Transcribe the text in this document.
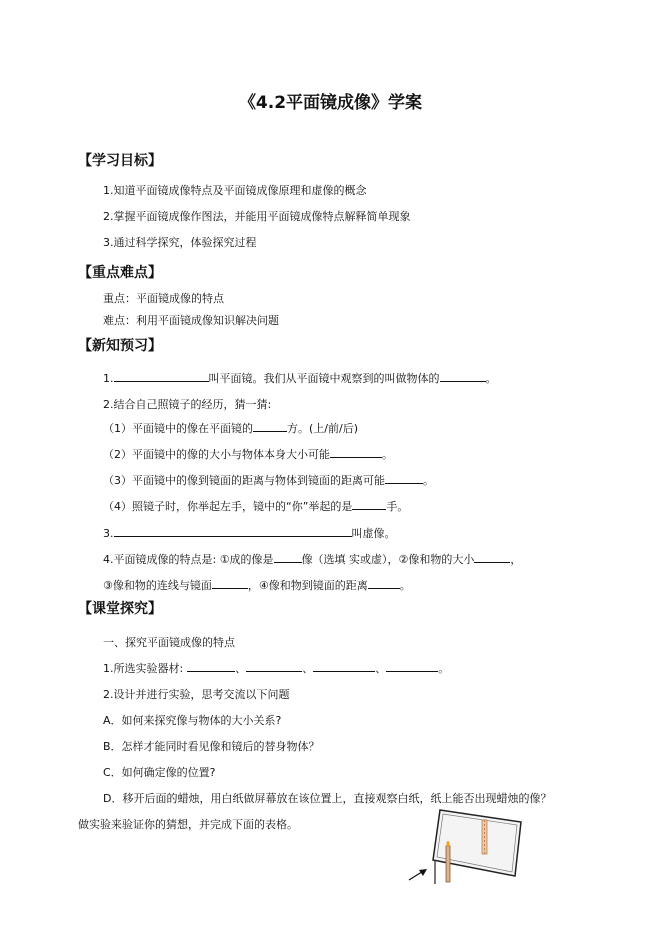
《4.2平面镜成像》学案
【学习目标】
1.知道平面镜成像特点及平面镜成像原理和虚像的概念
2.掌握平面镜成像作图法，并能用平面镜成像特点解释简单现象
3.通过科学探究，体验探究过程
【重点难点】
重点：平面镜成像的特点
难点：利用平面镜成像知识解决问题
【新知预习】
1.	叫平面镜。我们从平面镜中观察到的叫做物体的	。
2.结合自己照镜子的经历，猜一猜:
（1）平面镜中的像在平面镜的	方。(上/前/后)
（2）平面镜中的像的大小与物体本身大小可能	。
（3）平面镜中的像到镜面的距离与物体到镜面的距离可能	。
（4）照镜子时，你举起左手，镜中的“你”举起的是	手。
3.	叫虚像。
4.平面镜成像的特点是: ①成的像是	像（选填 实或虚），②像和物的大小	，
③像和物的连线与镜面	，④像和物到镜面的距离	。
【课堂探究】
一、探究平面镜成像的特点
1.所选实验器材:	、	、	、	。
2.设计并进行实验，思考交流以下问题
A．如何来探究像与物体的大小关系?
B．怎样才能同时看见像和镜后的替身物体？
C．如何确定像的位置?
D．移开后面的蜡烛，用白纸做屏幕放在该位置上，直接观察白纸，纸上能否出现蜡烛的像？
做实验来验证你的猜想，并完成下面的表格。
